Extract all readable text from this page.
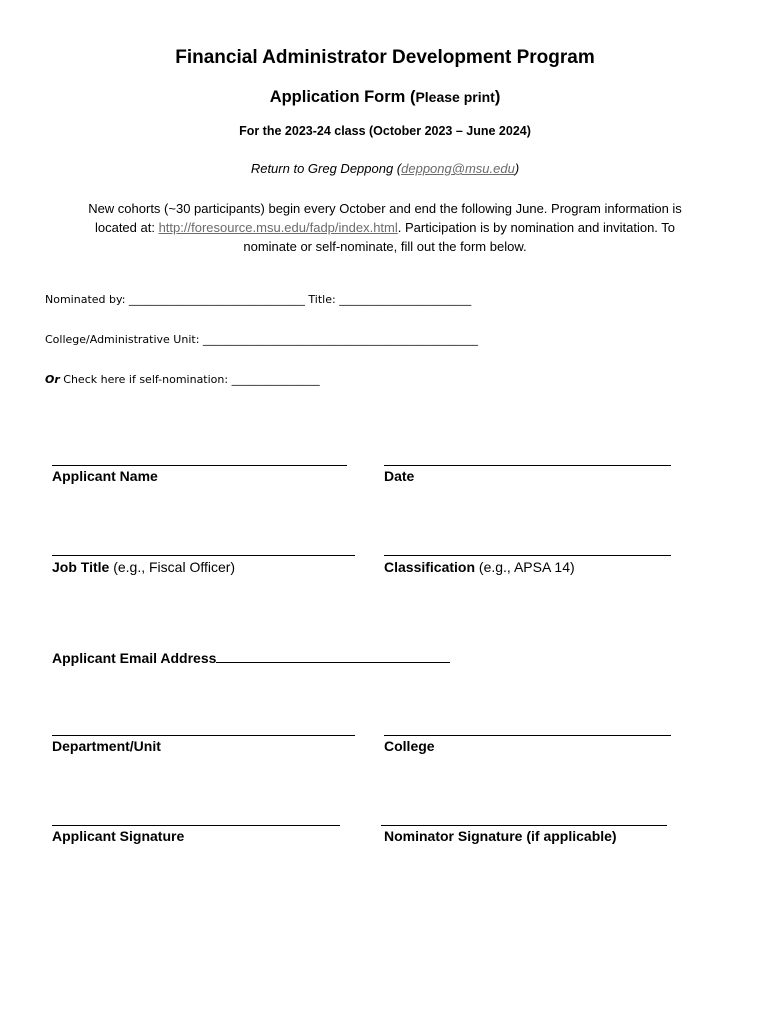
Financial Administrator Development Program
Application Form (Please print)
For the 2023-24 class (October 2023 – June 2024)
Return to Greg Deppong (deppong@msu.edu)
New cohorts (~30 participants) begin every October and end the following June. Program information is
located at: http://foresource.msu.edu/fadp/index.html. Participation is by nomination and invitation. To
nominate or self-nominate, fill out the form below.
Nominated by: ________________________________ Title: ________________________
College/Administrative Unit: __________________________________________________
Or Check here if self-nomination: ________________
Applicant Name	Date
Job Title (e.g., Fiscal Officer)	Classification (e.g., APSA 14)
Applicant Email Address
Department/Unit	College
Applicant Signature	Nominator Signature (if applicable)
